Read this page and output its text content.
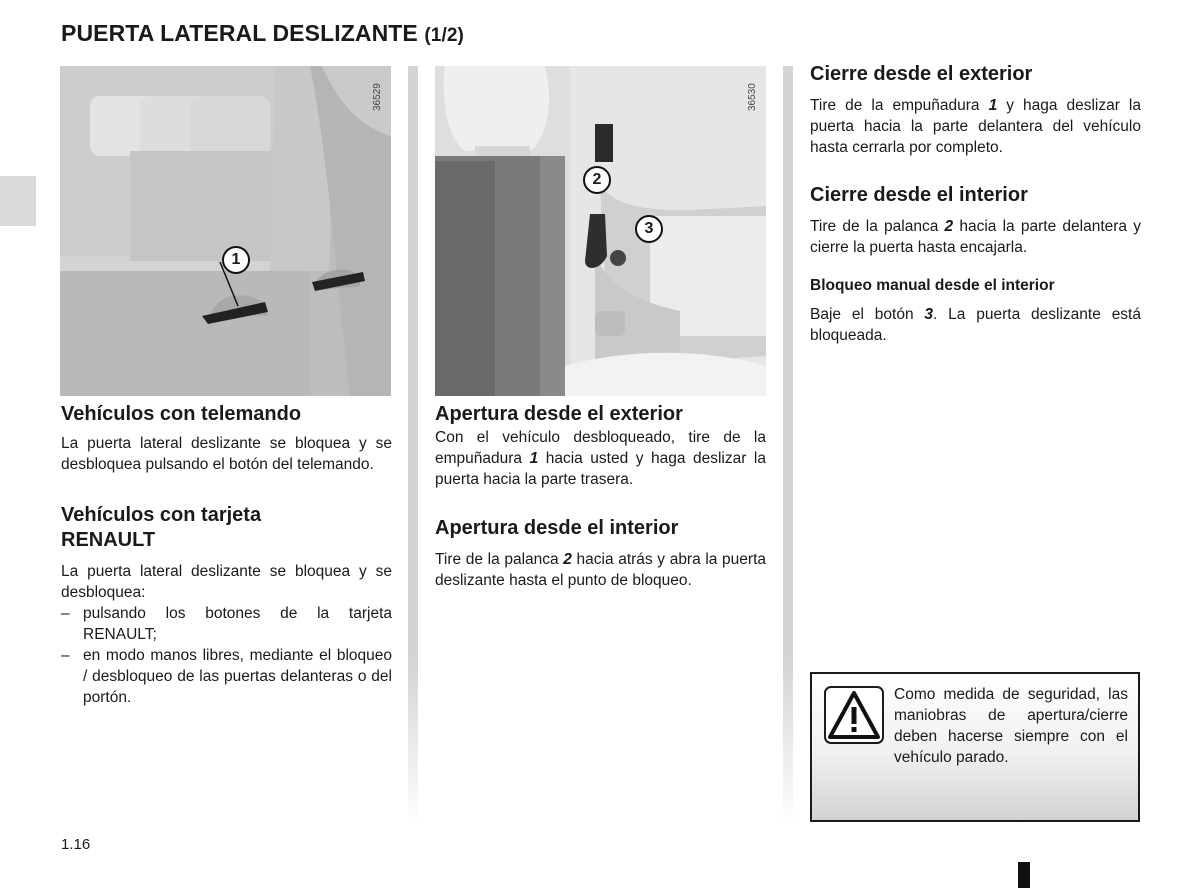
PUERTA LATERAL DESLIZANTE (1/2)
1
36529
2
3
36530
Vehículos con telemando

La puerta lateral deslizante se bloquea y se desbloquea pulsando el botón del telemando.

Vehículos con tarjeta
RENAULT

La puerta lateral deslizante se bloquea y se desbloquea:

– pulsando los botones de la tarjeta RENAULT;
– en modo manos libres, mediante el bloqueo / desbloqueo de las puertas delanteras o del portón.
Apertura desde el exterior

Con el vehículo desbloqueado, tire de la empuñadura 1 hacia usted y haga deslizar la puerta hacia la parte trasera.

Apertura desde el interior

Tire de la palanca 2 hacia atrás y abra la puerta deslizante hasta el punto de bloqueo.

Cierre desde el exterior

Tire de la empuñadura 1 y haga deslizar la puerta hacia la parte delantera del vehículo hasta cerrarla por completo.

Cierre desde el interior

Tire de la palanca 2 hacia la parte delantera y cierre la puerta hasta encajarla.

Bloqueo manual desde el interior

Baje el botón 3. La puerta deslizante está bloqueada.

Como medida de seguridad, las maniobras de apertura/cierre deben hacerse siempre con el vehículo parado.
1.16
